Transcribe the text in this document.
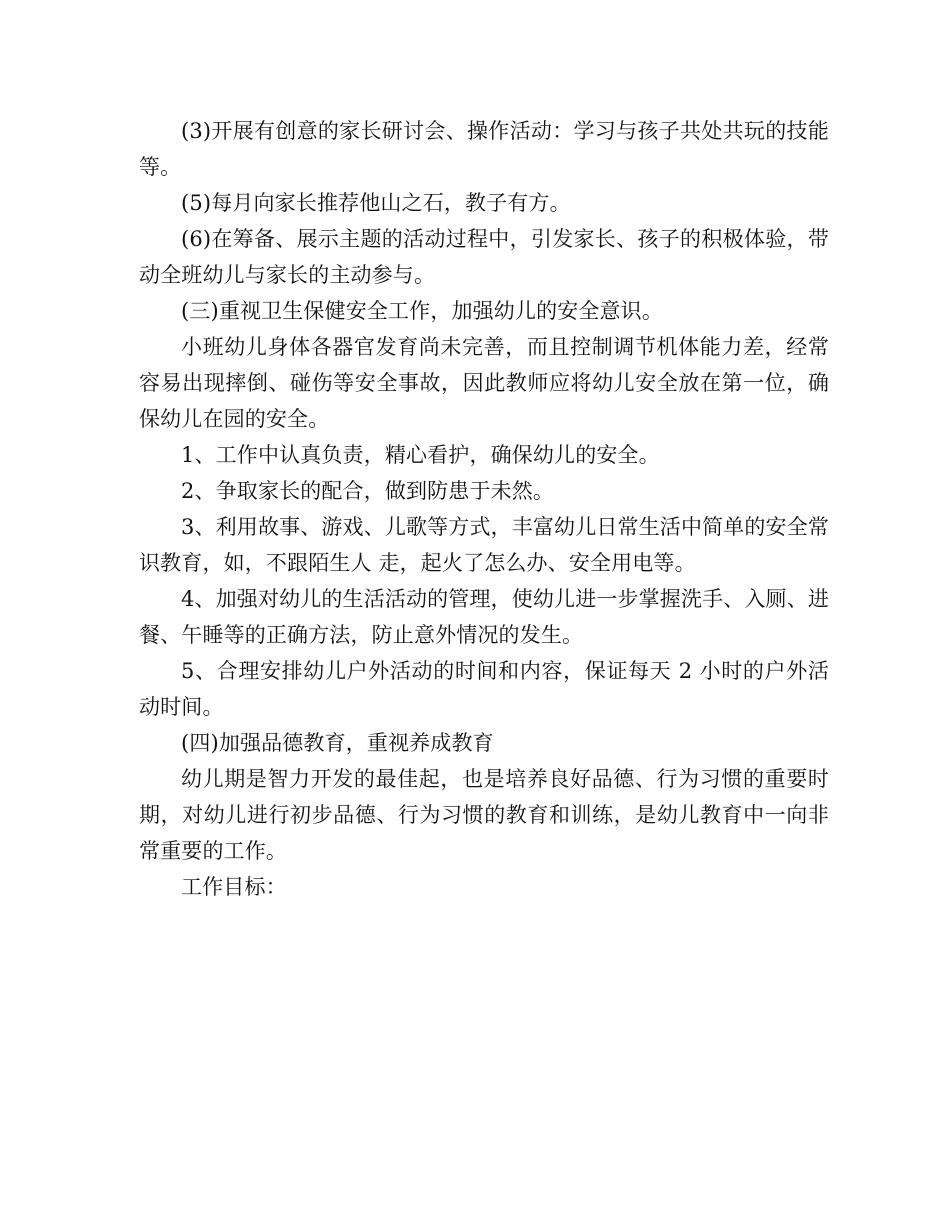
(3)开展有创意的家长研讨会、操作活动：学习与孩子共处共玩的技能等。

(5)每月向家长推荐他山之石，教子有方。

(6)在筹备、展示主题的活动过程中，引发家长、孩子的积极体验，带动全班幼儿与家长的主动参与。

(三)重视卫生保健安全工作，加强幼儿的安全意识。

小班幼儿身体各器官发育尚未完善，而且控制调节机体能力差，经常容易出现摔倒、碰伤等安全事故，因此教师应将幼儿安全放在第一位，确保幼儿在园的安全。

1、工作中认真负责，精心看护，确保幼儿的安全。

2、争取家长的配合，做到防患于未然。

3、利用故事、游戏、儿歌等方式，丰富幼儿日常生活中简单的安全常识教育，如，不跟陌生人 走，起火了怎么办、安全用电等。

4、加强对幼儿的生活活动的管理，使幼儿进一步掌握洗手、入厕、进餐、午睡等的正确方法，防止意外情况的发生。

5、合理安排幼儿户外活动的时间和内容，保证每天 2 小时的户外活动时间。

(四)加强品德教育，重视养成教育

幼儿期是智力开发的最佳起，也是培养良好品德、行为习惯的重要时期，对幼儿进行初步品德、行为习惯的教育和训练，是幼儿教育中一向非常重要的工作。

工作目标：
